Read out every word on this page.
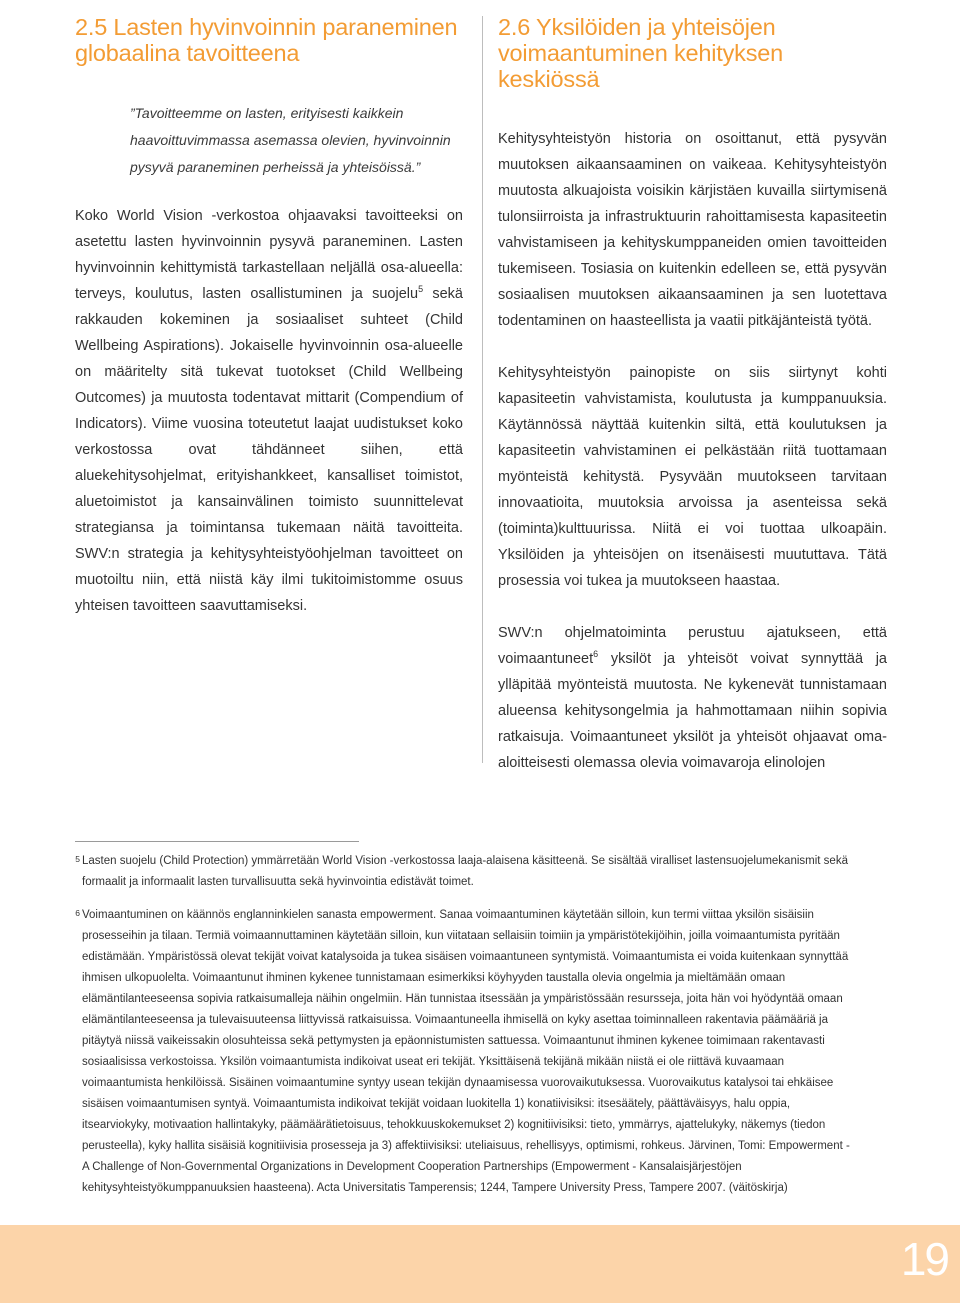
2.5 Lasten hyvinvoinnin paraneminen globaalina tavoitteena

”Tavoitteemme on lasten, erityisesti kaikkein haavoittuvimmassa asemassa olevien, hyvinvoinnin pysyvä paraneminen perheissä ja yhteisöissä.”

Koko World Vision -verkostoa ohjaavaksi tavoitteeksi on asetettu lasten hyvinvoinnin pysyvä paraneminen. Lasten hyvinvoinnin kehittymistä tarkastellaan neljällä osa-alueella: terveys, koulutus, lasten osallistuminen ja suojelu$^5$ sekä rakkauden kokeminen ja sosiaaliset suhteet (Child Wellbeing Aspirations). Jokaiselle hyvinvoinnin osa-alueelle on määritelty sitä tukevat tuotokset (Child Wellbeing Outcomes) ja muutosta todentavat mittarit (Compendium of Indicators). Viime vuosina toteutetut laajat uudistukset koko verkostossa ovat tähdänneet siihen, että aluekehitysohjelmat, erityishankkeet, kansalliset toimistot, aluetoimistot ja kansainvälinen toimisto suunnittelevat strategiansa ja toimintansa tukemaan näitä tavoitteita. SWV:n strategia ja kehitysyhteistyöohjelman tavoitteet on muotoiltu niin, että niistä käy ilmi tukitoimistomme osuus yhteisen tavoitteen saavuttamiseksi.

2.6 Yksilöiden ja yhteisöjen voimaantuminen kehityksen keskiössä

Kehitysyhteistyön historia on osoittanut, että pysyvän muutoksen aikaansaaminen on vaikeaa. Kehitysyhteistyön muutosta alkuajoista voisikin kärjistäen kuvailla siirtymisenä tulonsiirroista ja infrastruktuurin rahoittamisesta kapasiteetin vahvistamiseen ja kehityskumppaneiden omien tavoitteiden tukemiseen. Tosiasia on kuitenkin edelleen se, että pysyvän sosiaalisen muutoksen aikaansaaminen ja sen luotettava todentaminen on haasteellista ja vaatii pitkäjänteistä työtä.

Kehitysyhteistyön painopiste on siis siirtynyt kohti kapasiteetin vahvistamista, koulutusta ja kumppanuuksia. Käytännössä näyttää kuitenkin siltä, että koulutuksen ja kapasiteetin vahvistaminen ei pelkästään riitä tuottamaan myönteistä kehitystä. Pysyvään muutokseen tarvitaan innovaatioita, muutoksia arvoissa ja asenteissa sekä (toiminta)kulttuurissa. Niitä ei voi tuottaa ulkoapäin. Yksilöiden ja yhteisöjen on itsenäisesti muututtava. Tätä prosessia voi tukea ja muutokseen haastaa.

SWV:n ohjelmatoiminta perustuu ajatukseen, että voimaantuneet$^6$ yksilöt ja yhteisöt voivat synnyttää ja ylläpitää myönteistä muutosta. Ne kykenevät tunnistamaan alueensa kehitysongelmia ja hahmottamaan niihin sopivia ratkaisuja. Voimaantuneet yksilöt ja yhteisöt ohjaavat oma-aloitteisesti olemassa olevia voimavaroja elinolojen

5 Lasten suojelu (Child Protection) ymmärretään World Vision -verkostossa laaja-alaisena käsitteenä. Se sisältää viralliset lastensuojelumekanismit sekä formaalit ja informaalit lasten turvallisuutta sekä hyvinvointia edistävät toimet.
6 Voimaantuminen on käännös englanninkielen sanasta empowerment. Sanaa voimaantuminen käytetään silloin, kun termi viittaa yksilön sisäisiin prosesseihin ja tilaan. Termiä voimaannuttaminen käytetään silloin, kun viitataan sellaisiin toimiin ja ympäristötekijöihin, joilla voimaantumista pyritään edistämään. Ympäristössä olevat tekijät voivat katalysoida ja tukea sisäisen voimaantuneen syntymistä. Voimaantumista ei voida kuitenkaan synnyttää ihmisen ulkopuolelta. Voimaantunut ihminen kykenee tunnistamaan esimerkiksi köyhyyden taustalla olevia ongelmia ja mieltämään omaan elämäntilanteeseensa sopivia ratkaisumalleja näihin ongelmiin. Hän tunnistaa itsessään ja ympäristössään resursseja, joita hän voi hyödyntää omaan elämäntilanteeseensa ja tulevaisuuteensa liittyvissä ratkaisuissa. Voimaantuneella ihmisellä on kyky asettaa toiminnalleen rakentavia päämääriä ja pitäytyä niissä vaikeissakin olosuhteissa sekä pettymysten ja epäonnistumisten sattuessa. Voimaantunut ihminen kykenee toimimaan rakentavasti sosiaalisissa verkostoissa. Yksilön voimaantumista indikoivat useat eri tekijät. Yksittäisenä tekijänä mikään niistä ei ole riittävä kuvaamaan voimaantumista henkilöissä. Sisäinen voimaantumine syntyy usean tekijän dynaamisessa vuorovaikutuksessa. Vuorovaikutus katalysoi tai ehkäisee sisäisen voimaantumisen syntyä. Voimaantumista indikoivat tekijät voidaan luokitella 1) konatiivisiksi: itsesäätely, päättäväisyys, halu oppia, itsearviokyky, motivaation hallintakyky, päämäärätietoisuus, tehokkuuskokemukset 2) kognitiivisiksi: tieto, ymmärrys, ajattelukyky, näkemys (tiedon perusteella), kyky hallita sisäisiä kognitiivisia prosesseja ja 3) affektiivisiksi: uteliaisuus, rehellisyys, optimismi, rohkeus. Järvinen, Tomi: Empowerment - A Challenge of Non-Governmental Organizations in Development Cooperation Partnerships (Empowerment - Kansalaisjärjestöjen kehitysyhteistyökumppanuuksien haasteena). Acta Universitatis Tamperensis; 1244, Tampere University Press, Tampere 2007. (väitöskirja)
19
